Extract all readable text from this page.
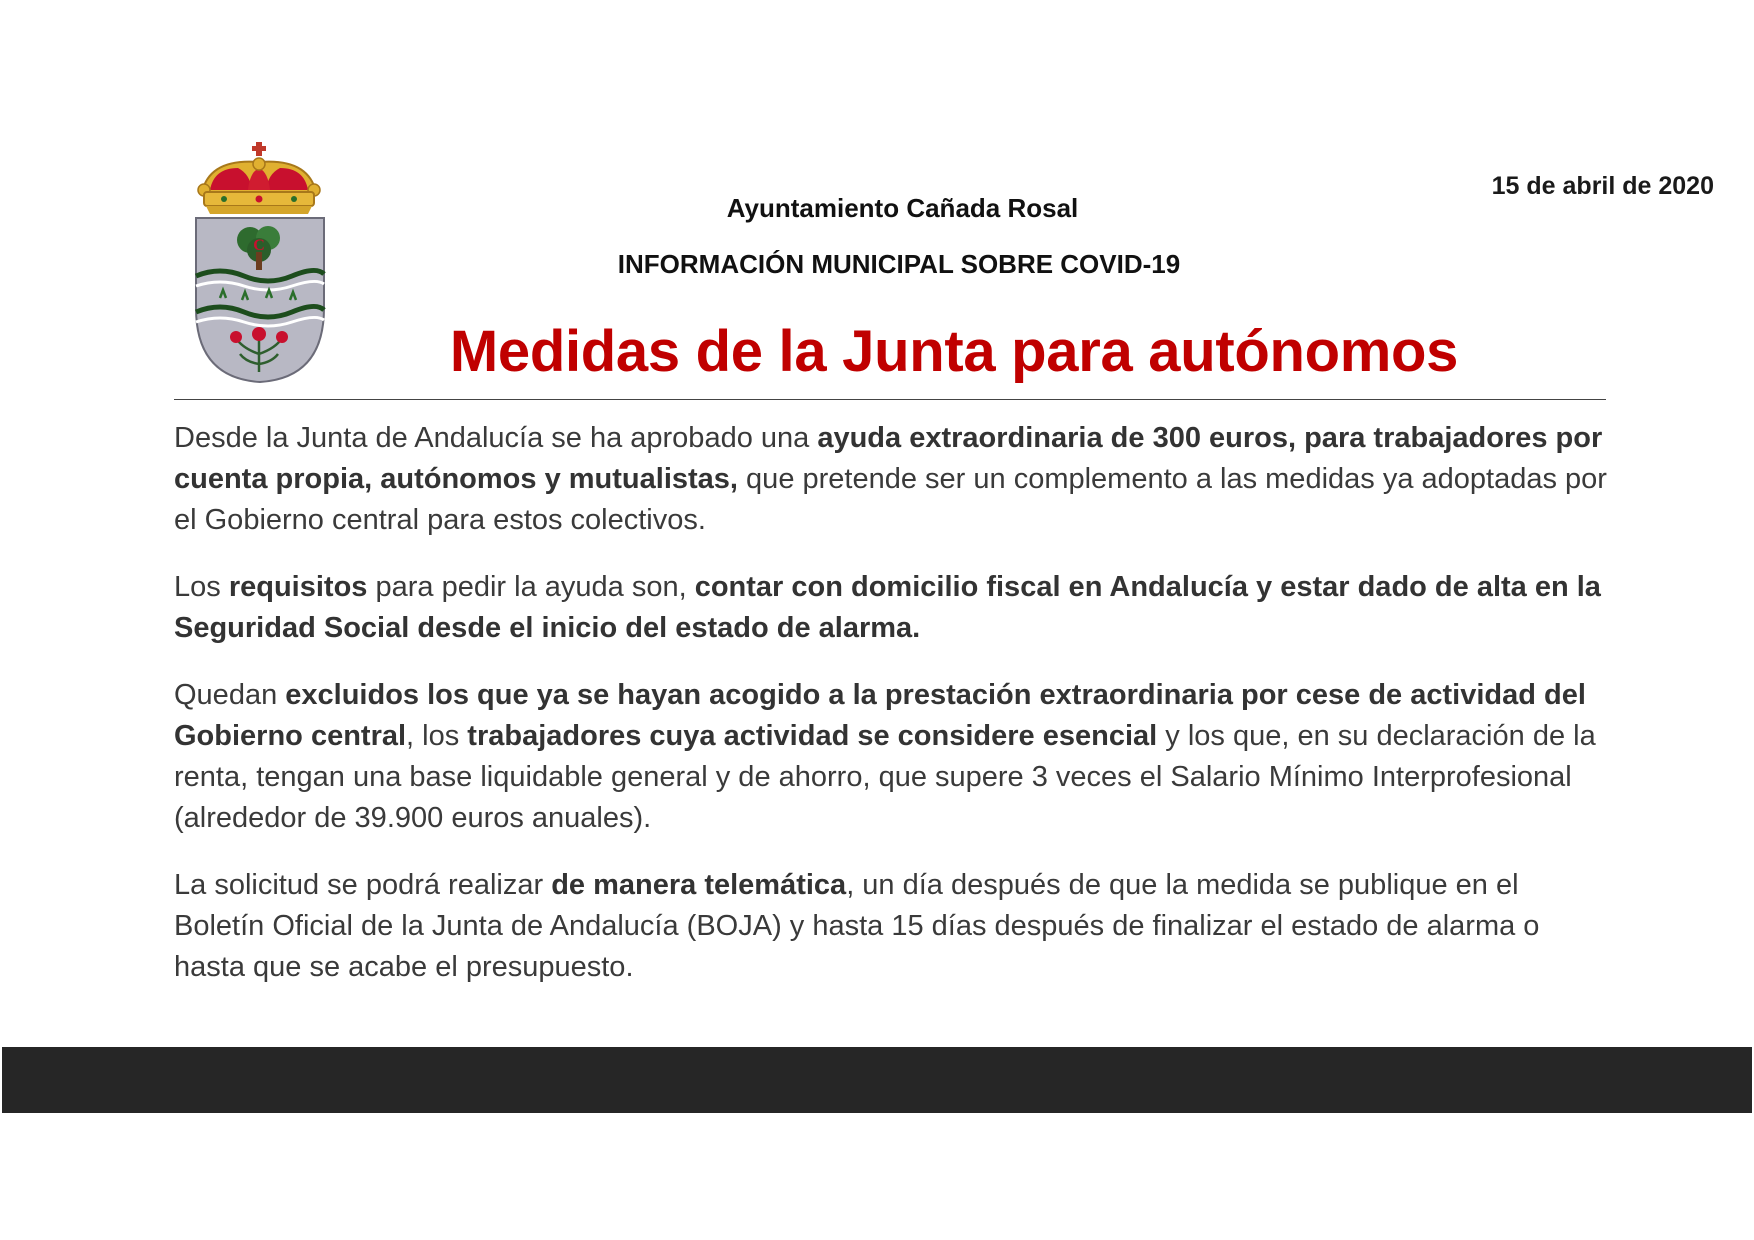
C
15 de abril de 2020
Ayuntamiento Cañada Rosal
INFORMACIÓN MUNICIPAL SOBRE COVID-19
Medidas de la Junta para autónomos

Desde la Junta de Andalucía se ha aprobado una ayuda extraordinaria de 300 euros, para trabajadores por cuenta propia, autónomos y mutualistas, que pretende ser un complemento a las medidas ya adoptadas por el Gobierno central para estos colectivos.

Los requisitos para pedir la ayuda son, contar con domicilio fiscal en Andalucía y estar dado de alta en la Seguridad Social desde el inicio del estado de alarma.

Quedan excluidos los que ya se hayan acogido a la prestación extraordinaria por cese de actividad del Gobierno central, los trabajadores cuya actividad se considere esencial y los que, en su declaración de la renta, tengan una base liquidable general y de ahorro, que supere 3 veces el Salario Mínimo Interprofesional (alrededor de 39.900 euros anuales).

La solicitud se podrá realizar de manera telemática, un día después de que la medida se publique en el Boletín Oficial de la Junta de Andalucía (BOJA) y hasta 15 días después de finalizar el estado de alarma o hasta que se acabe el presupuesto.
